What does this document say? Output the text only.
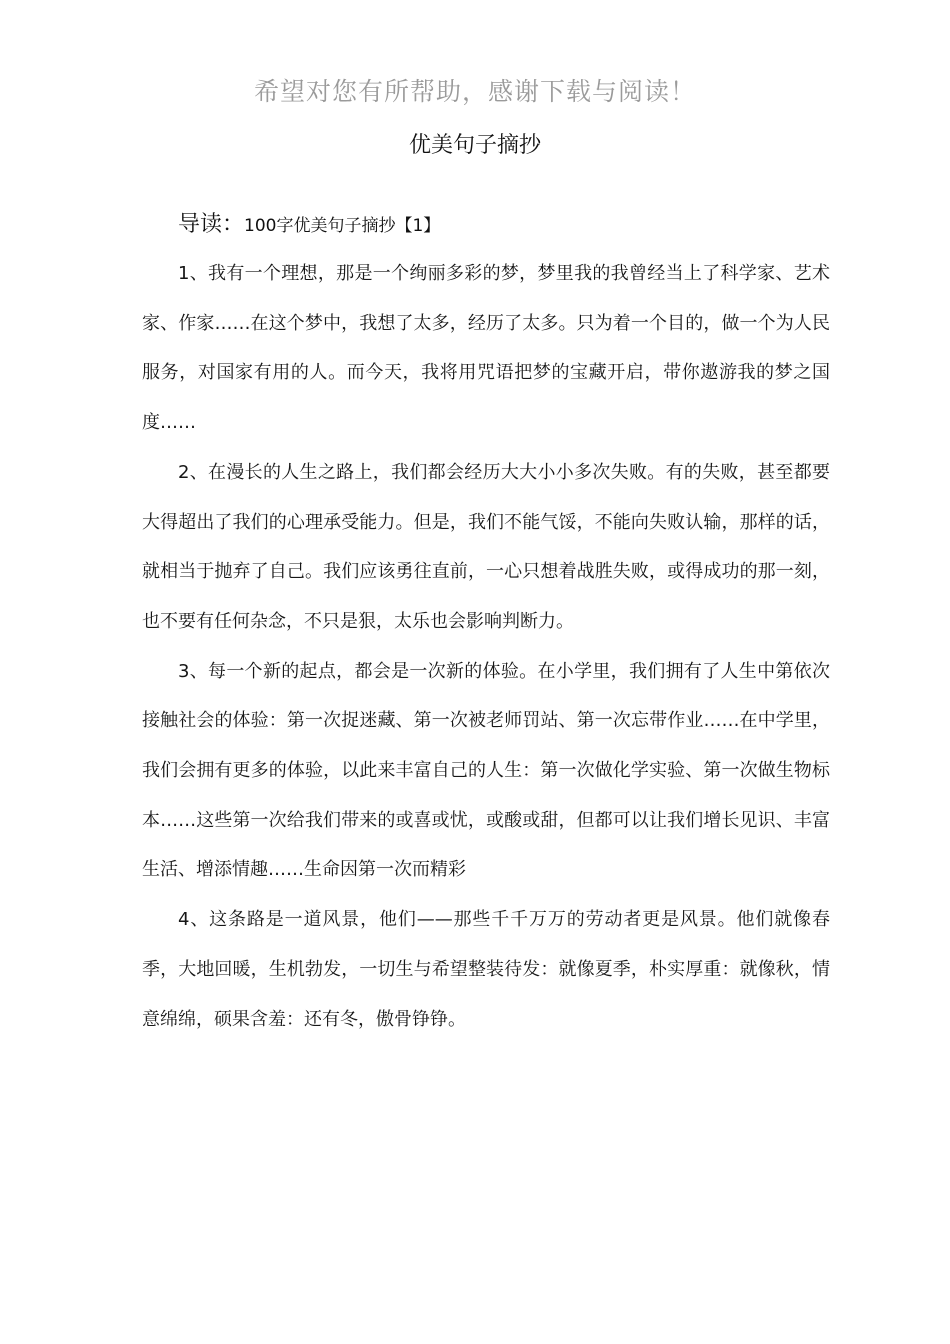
希望对您有所帮助，感谢下载与阅读！
优美句子摘抄
导读：100字优美句子摘抄【1】

1、我有一个理想，那是一个绚丽多彩的梦，梦里我的我曾经当上了科学家、艺术家、作家……在这个梦中，我想了太多，经历了太多。只为着一个目的，做一个为人民服务，对国家有用的人。而今天，我将用咒语把梦的宝藏开启，带你遨游我的梦之国度……

2、在漫长的人生之路上，我们都会经历大大小小多次失败。有的失败，甚至都要大得超出了我们的心理承受能力。但是，我们不能气馁，不能向失败认输，那样的话，就相当于抛弃了自己。我们应该勇往直前，一心只想着战胜失败，或得成功的那一刻，也不要有任何杂念，不只是狠，太乐也会影响判断力。

3、每一个新的起点，都会是一次新的体验。在小学里，我们拥有了人生中第依次接触社会的体验：第一次捉迷藏、第一次被老师罚站、第一次忘带作业……在中学里，我们会拥有更多的体验，以此来丰富自己的人生：第一次做化学实验、第一次做生物标本……这些第一次给我们带来的或喜或忧，或酸或甜，但都可以让我们增长见识、丰富生活、增添情趣……生命因第一次而精彩

4、这条路是一道风景，他们——那些千千万万的劳动者更是风景。他们就像春季，大地回暖，生机勃发，一切生与希望整装待发：就像夏季，朴实厚重：就像秋，情意绵绵，硕果含羞：还有冬，傲骨铮铮。
